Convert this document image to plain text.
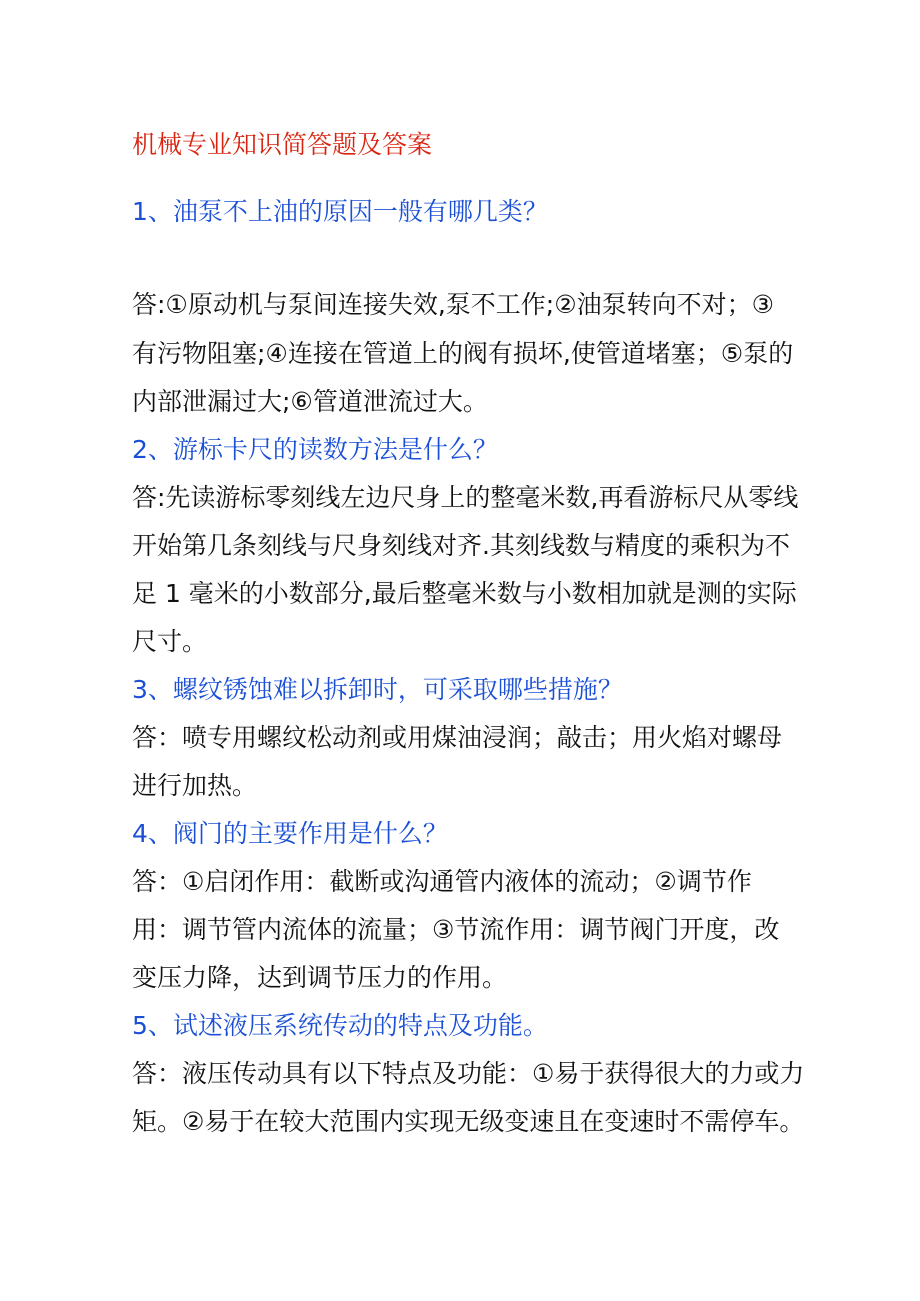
机械专业知识简答题及答案
1、油泵不上油的原因一般有哪几类？
答:①原动机与泵间连接失效,泵不工作;②油泵转向不对；③
有污物阻塞;④连接在管道上的阀有损坏,使管道堵塞；⑤泵的
内部泄漏过大;⑥管道泄流过大。
2、游标卡尺的读数方法是什么？
答:先读游标零刻线左边尺身上的整毫米数,再看游标尺从零线
开始第几条刻线与尺身刻线对齐.其刻线数与精度的乘积为不
足 1 毫米的小数部分,最后整毫米数与小数相加就是测的实际
尺寸。
3、螺纹锈蚀难以拆卸时，可采取哪些措施？
答：喷专用螺纹松动剂或用煤油浸润；敲击；用火焰对螺母
进行加热。
4、阀门的主要作用是什么？
答：①启闭作用：截断或沟通管内液体的流动；②调节作
用：调节管内流体的流量；③节流作用：调节阀门开度，改
变压力降，达到调节压力的作用。
5、试述液压系统传动的特点及功能。
答：液压传动具有以下特点及功能：①易于获得很大的力或力
矩。②易于在较大范围内实现无级变速且在变速时不需停车。
